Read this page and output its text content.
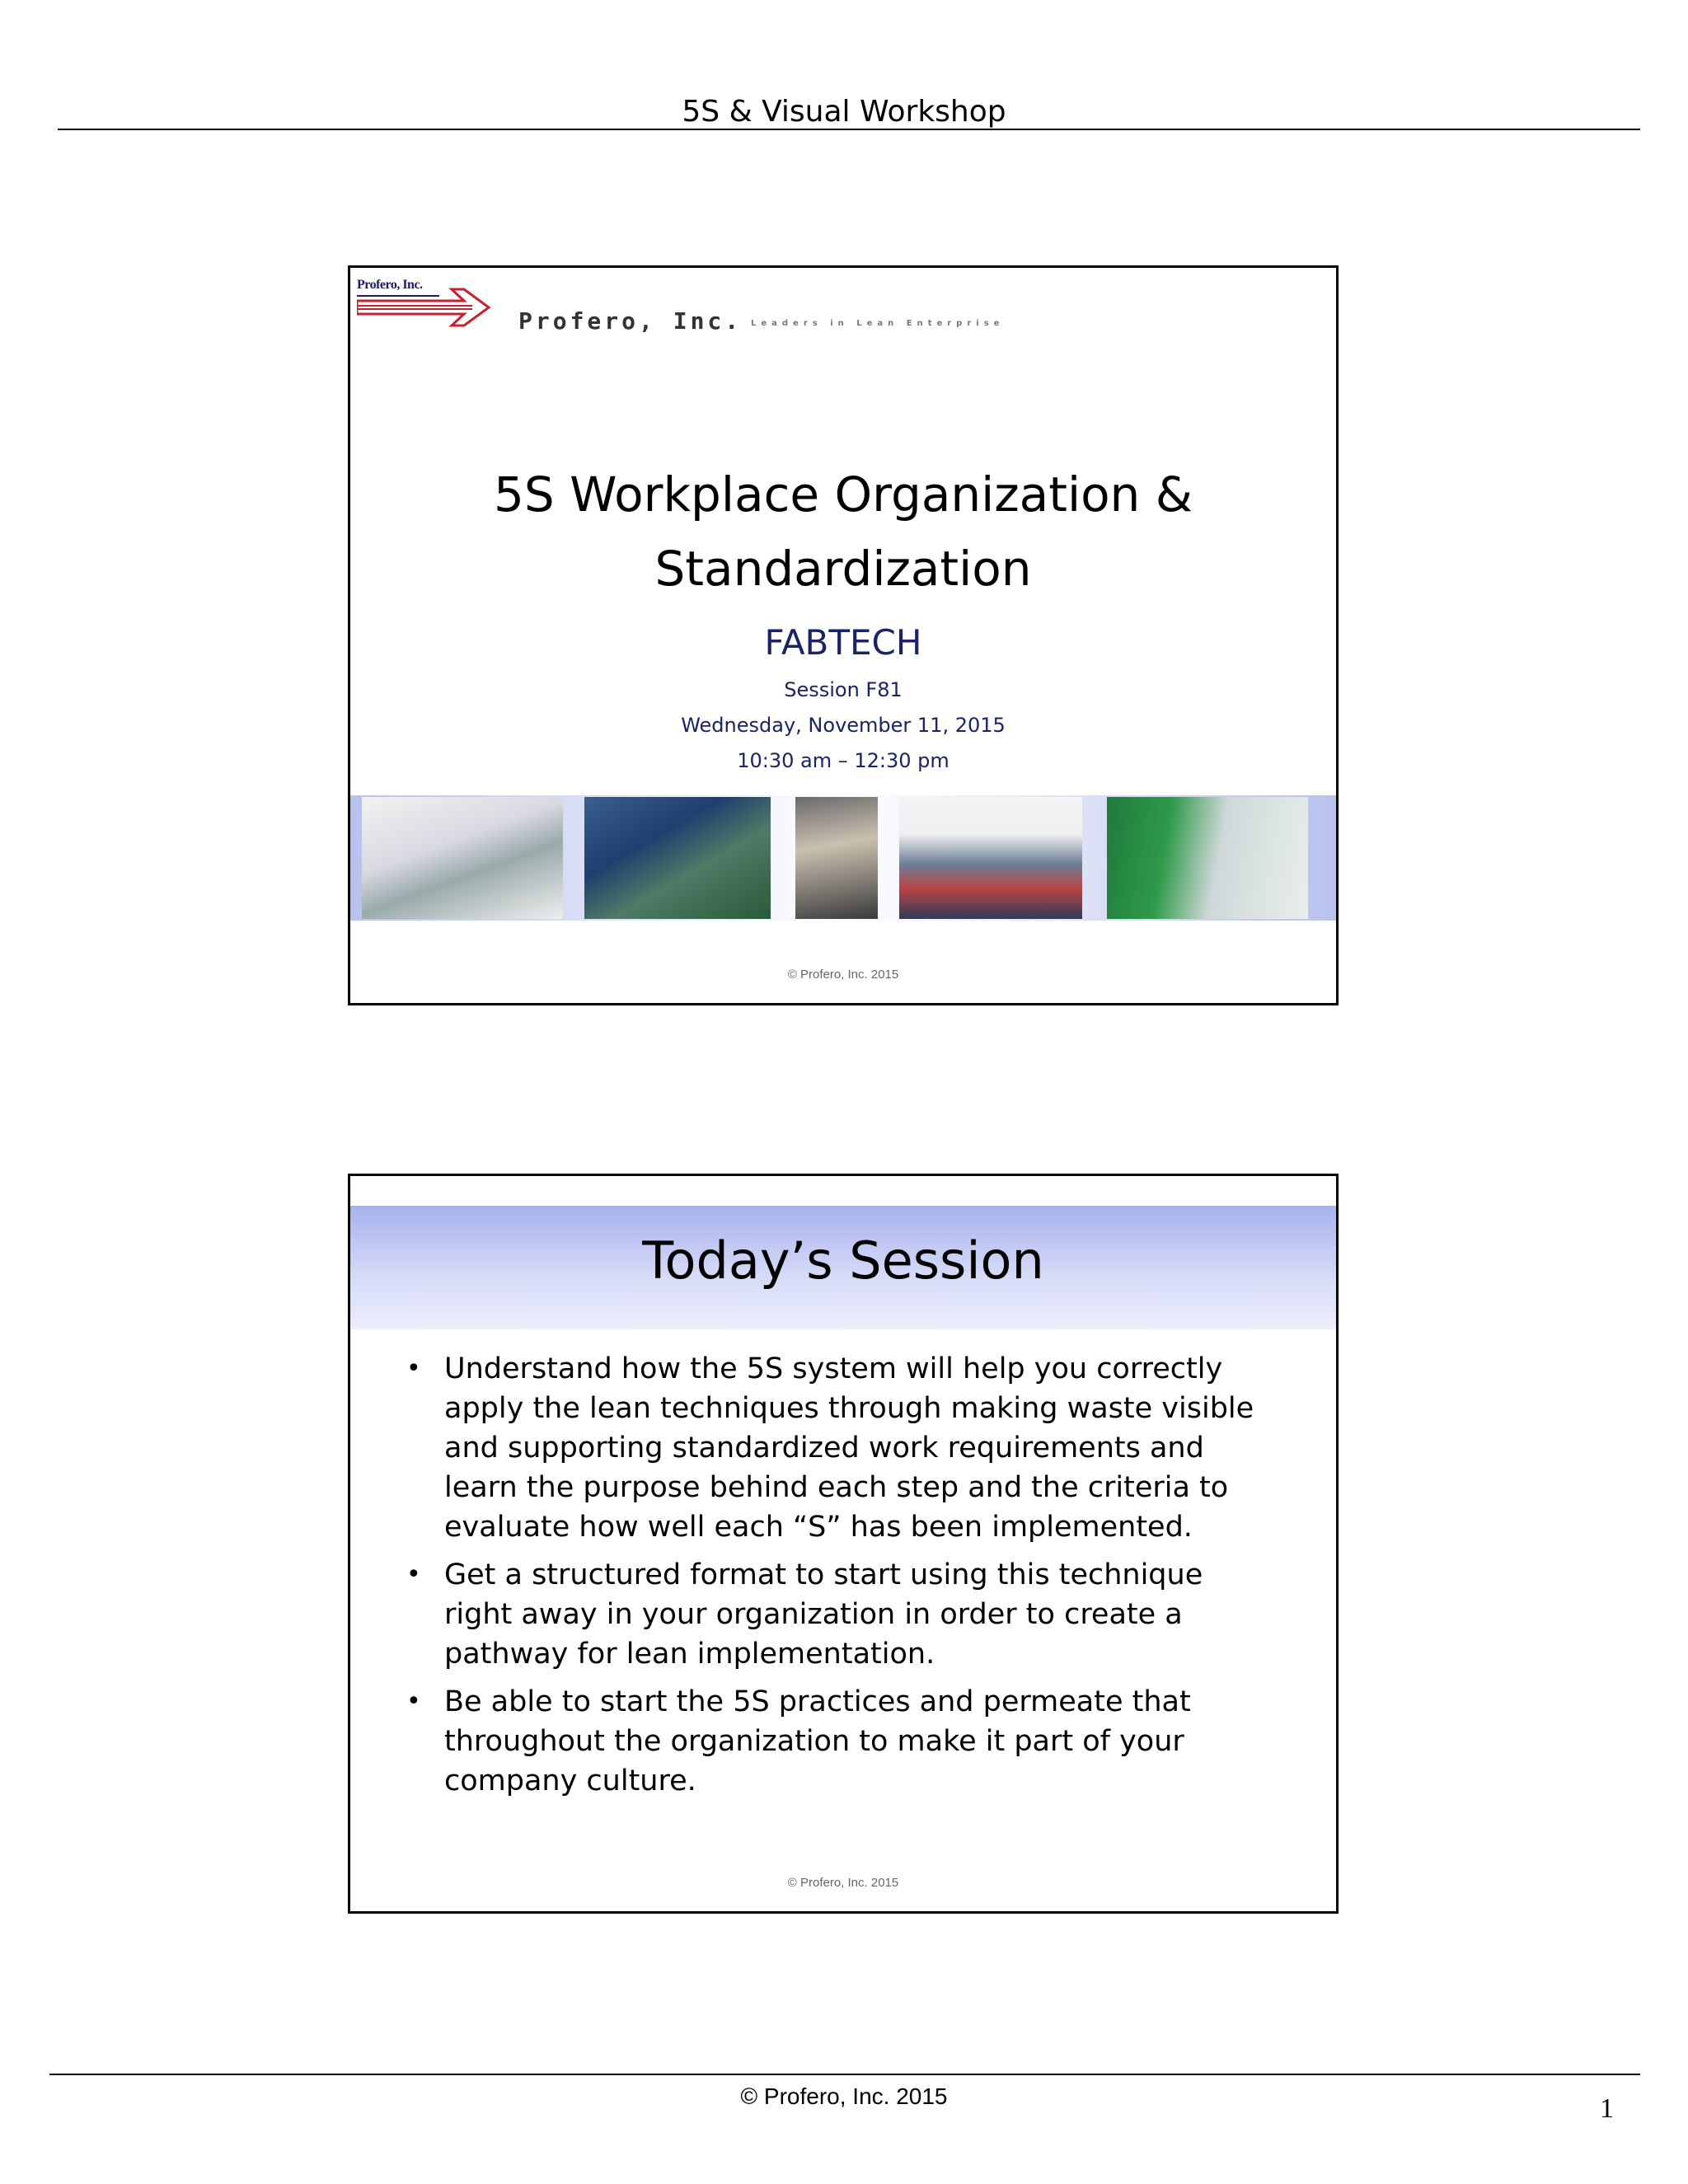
5S & Visual Workshop
Profero, Inc.
Profero, Inc. Leaders in Lean Enterprise
5S Workplace Organization &
Standardization
FABTECH
Session F81
Wednesday, November 11, 2015
10:30 am – 12:30 pm
© Profero, Inc. 2015
Today’s Session
• Understand how the 5S system will help you correctly apply the lean techniques through making waste visible and supporting standardized work requirements and learn the purpose behind each step and the criteria to evaluate how well each “S” has been implemented.
• Get a structured format to start using this technique right away in your organization in order to create a pathway for lean implementation.
• Be able to start the 5S practices and permeate that throughout the organization to make it part of your company culture.
© Profero, Inc. 2015
© Profero, Inc. 2015	1
